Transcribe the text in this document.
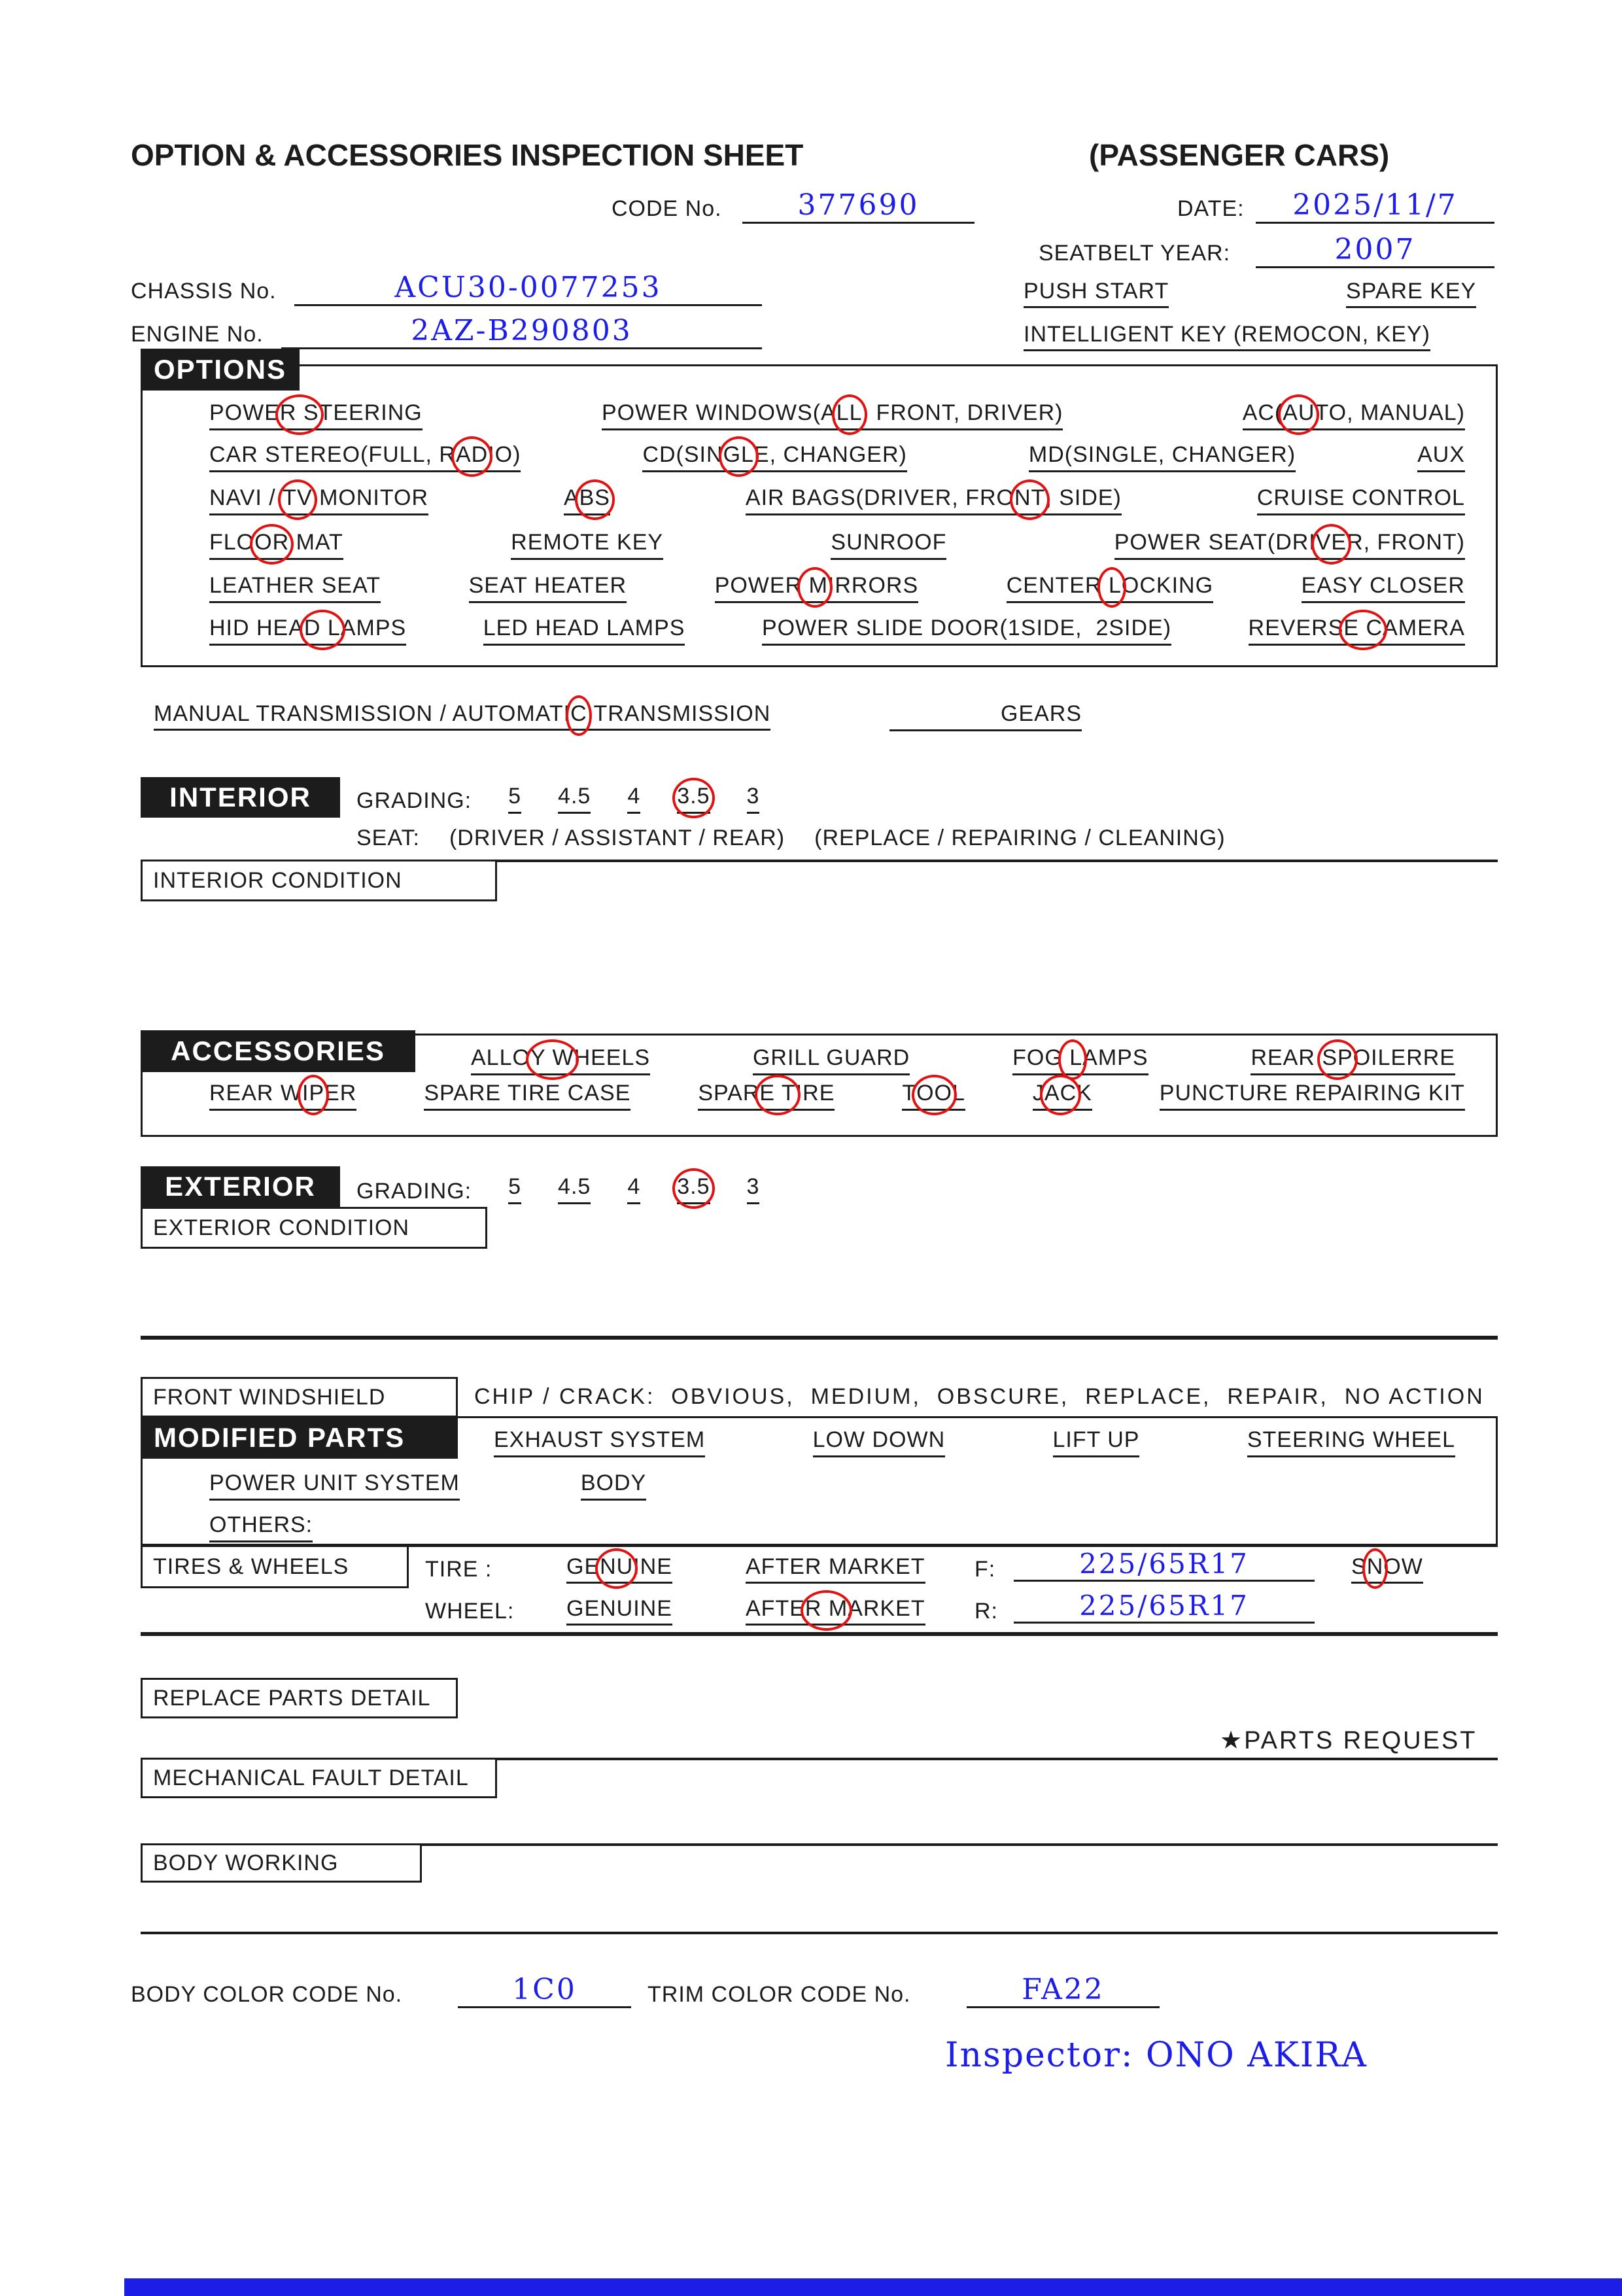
OPTION & ACCESSORIES INSPECTION SHEET	(PASSENGER CARS)
CODE No.	377690	DATE: 2025/11/7
SEATBELT YEAR:	2007
CHASSIS No.	ACU30-0077253	PUSH START	SPARE KEY
ENGINE No.	2AZ-B290803	INTELLIGENT KEY (REMOCON, KEY)
OPTIONS
POWER STEERING	POWER WINDOWS(ALL, FRONT, DRIVER)	AC(AUTO, MANUAL)
CAR STEREO(FULL, RADIO)	CD(SINGLE, CHANGER)	MD(SINGLE, CHANGER)	AUX
NAVI / TV MONITOR	ABS	AIR BAGS(DRIVER, FRONT, SIDE)	CRUISE CONTROL
FLOOR MAT	REMOTE KEY	SUNROOF	POWER SEAT(DRIVER, FRONT)
LEATHER SEAT	SEAT HEATER	POWER MIRRORS	CENTER LOCKING	EASY CLOSER
HID HEAD LAMPS	LED HEAD LAMPS	POWER SLIDE DOOR(1SIDE,  2SIDE)	REVERSE CAMERA
MANUAL TRANSMISSION / AUTOMATIC TRANSMISSION	GEARS
INTERIOR	GRADING: 5 4.5 4 3.5 3
SEAT: (DRIVER / ASSISTANT / REAR) (REPLACE / REPAIRING / CLEANING)
INTERIOR CONDITION
ACCESSORIES	ALLOY WHEELS	GRILL GUARD	FOG LAMPS	REAR SPOILERRE
REAR WIPER	SPARE TIRE CASE	SPARE TIRE	TOOL	JACK	PUNCTURE REPAIRING KIT
EXTERIOR	GRADING: 5 4.5 4 3.5 3
EXTERIOR CONDITION
FRONT WINDSHIELD	CHIP / CRACK:  OBVIOUS,  MEDIUM,  OBSCURE,  REPLACE,  REPAIR,  NO ACTION
MODIFIED PARTS	EXHAUST SYSTEM	LOW DOWN	LIFT UP	STEERING WHEEL
POWER UNIT SYSTEM	BODY
OTHERS:
TIRES & WHEELS	TIRE :	GENUINE	AFTER MARKET F:	225/65R17	SNOW
WHEEL: GENUINE	AFTER MARKET R:	225/65R17
REPLACE PARTS DETAIL
★PARTS REQUEST
MECHANICAL FAULT DETAIL
BODY WORKING
BODY COLOR CODE No.	1C0	TRIM COLOR CODE No.	FA22
Inspector: ONO AKIRA
